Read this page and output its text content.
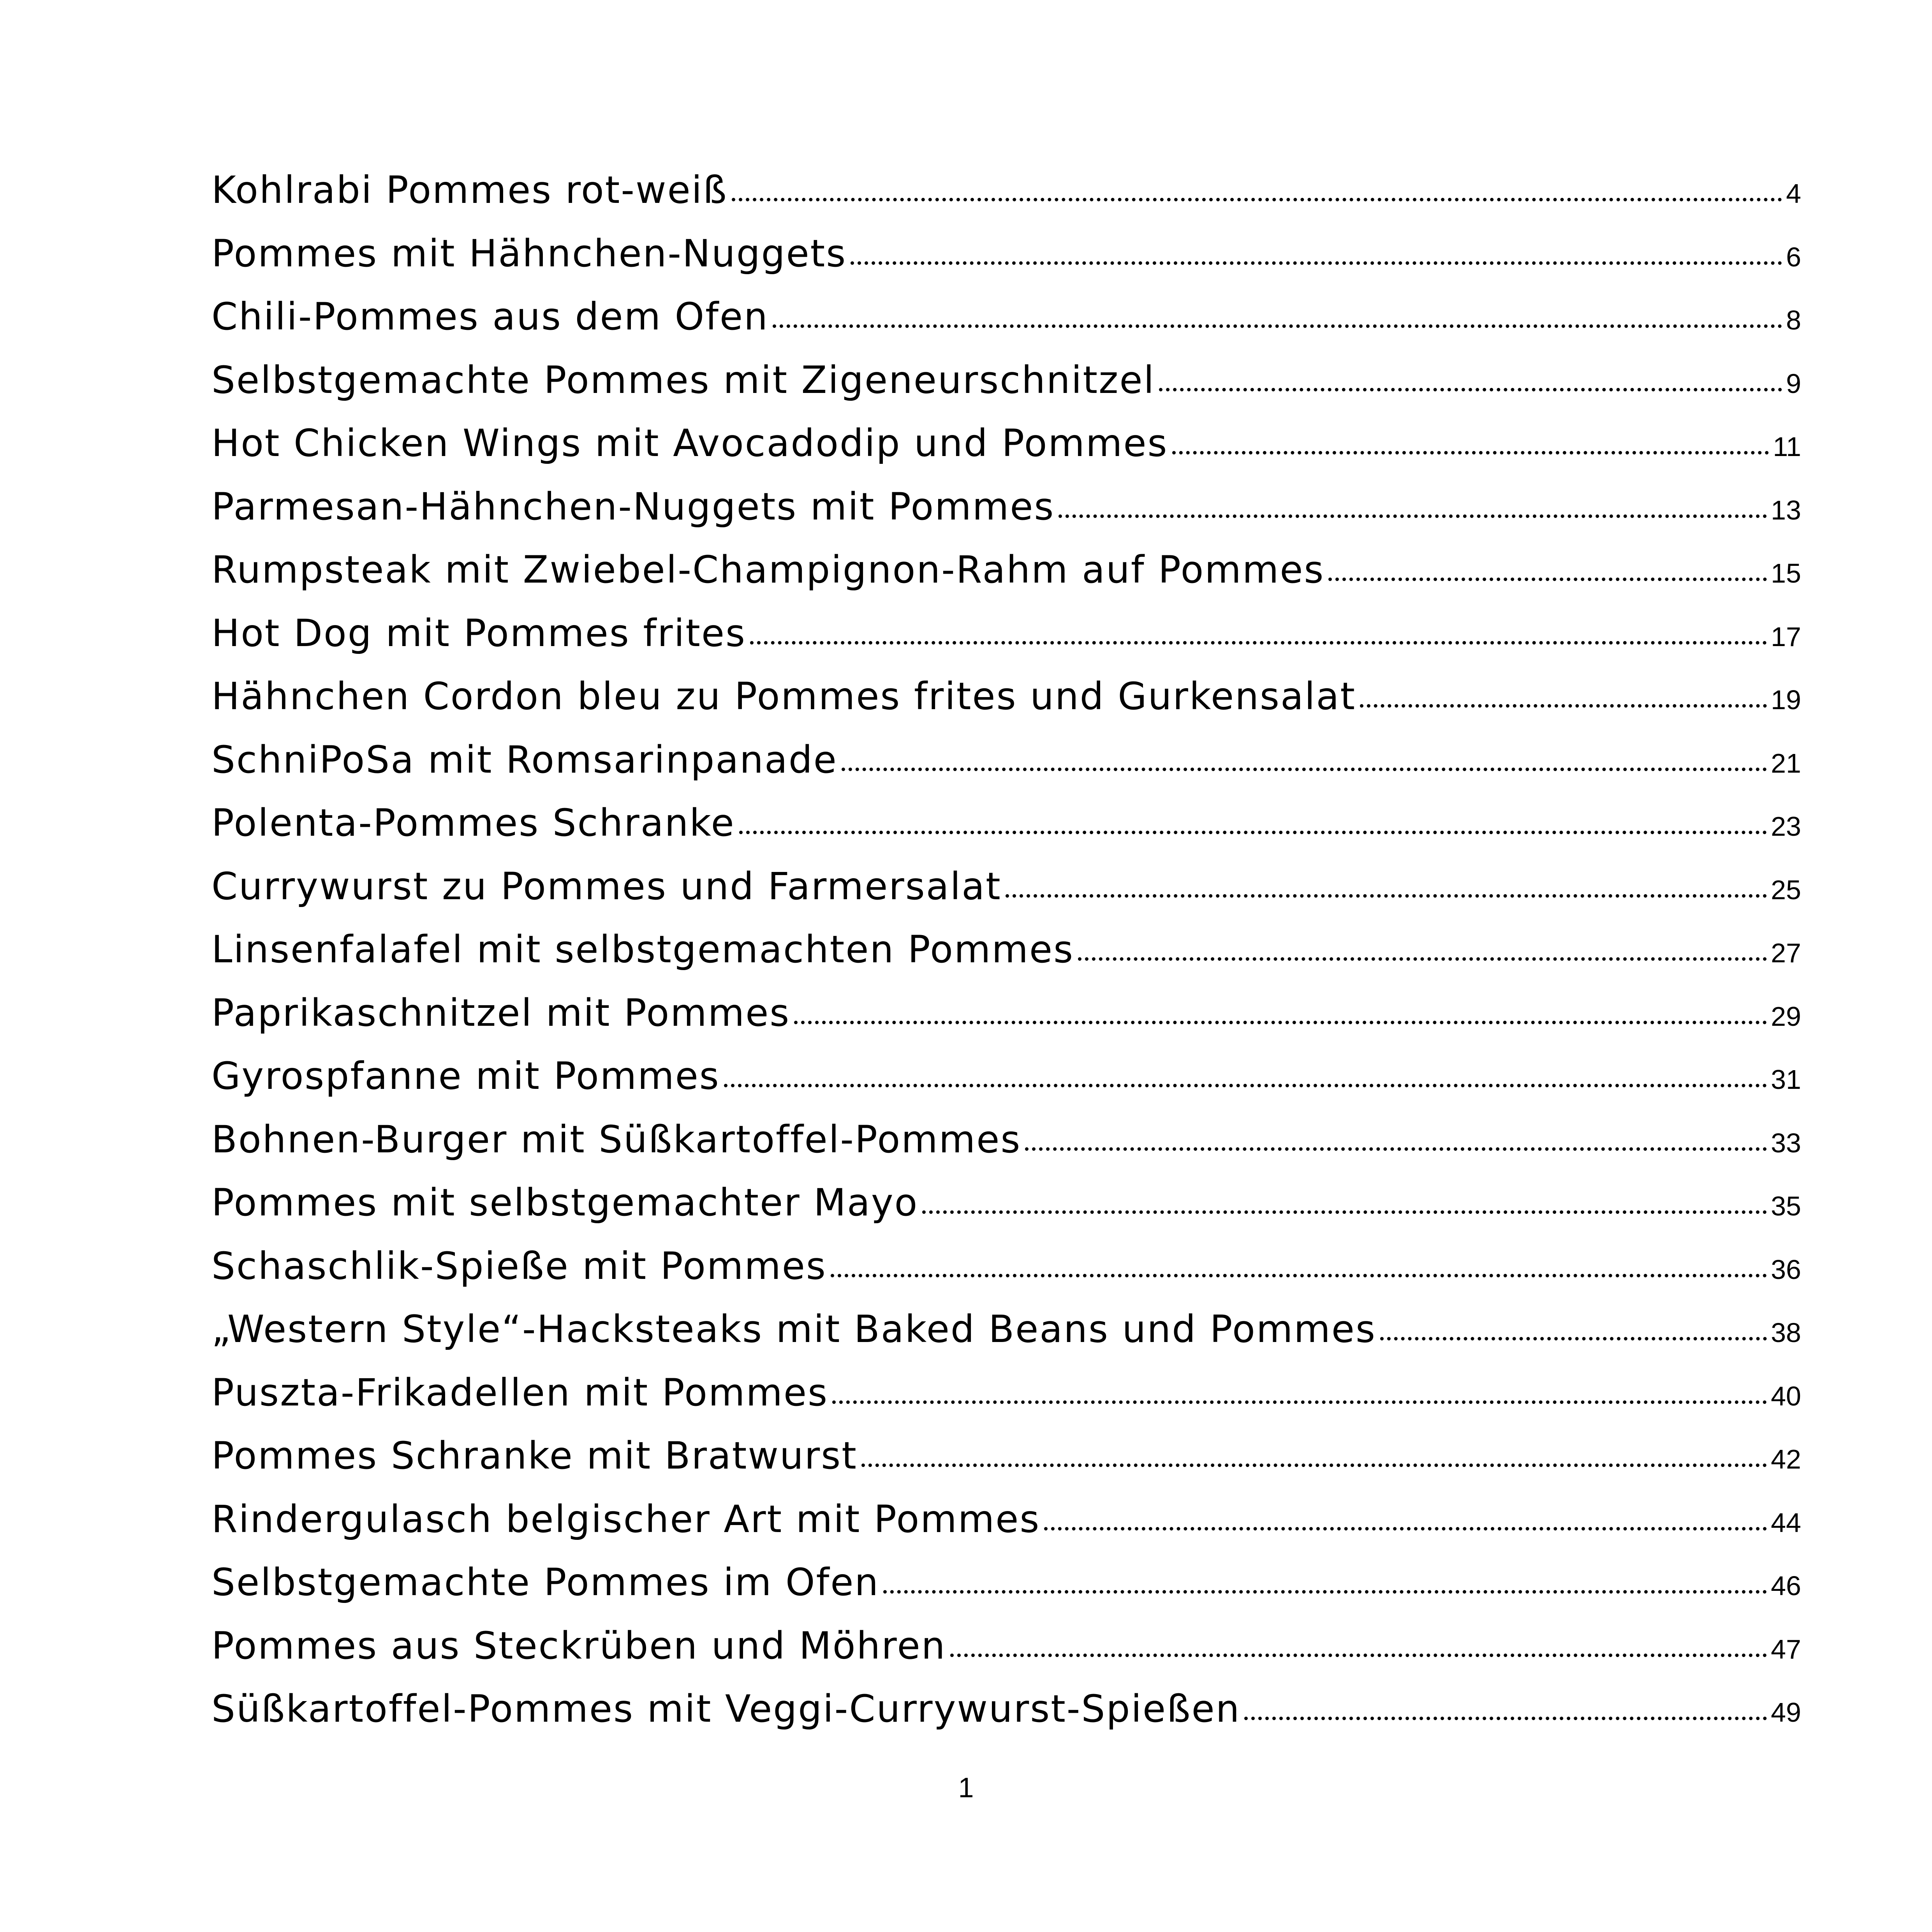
Kohlrabi Pommes rot-weiß	4
Pommes mit Hähnchen-Nuggets	6
Chili-Pommes aus dem Ofen	8
Selbstgemachte Pommes mit Zigeneurschnitzel	9
Hot Chicken Wings mit Avocadodip und Pommes	11
Parmesan-Hähnchen-Nuggets mit Pommes	13
Rumpsteak mit Zwiebel-Champignon-Rahm auf Pommes	15
Hot Dog mit Pommes frites	17
Hähnchen Cordon bleu zu Pommes frites und Gurkensalat	19
SchniPoSa mit Romsarinpanade	21
Polenta-Pommes Schranke	23
Currywurst zu Pommes und Farmersalat	25
Linsenfalafel mit selbstgemachten Pommes	27
Paprikaschnitzel mit Pommes	29
Gyrospfanne mit Pommes	31
Bohnen-Burger mit Süßkartoffel-Pommes	33
Pommes mit selbstgemachter Mayo	35
Schaschlik-Spieße mit Pommes	36
„Western Style“-Hacksteaks mit Baked Beans und Pommes	38
Puszta-Frikadellen mit Pommes	40
Pommes Schranke mit Bratwurst	42
Rindergulasch belgischer Art mit Pommes	44
Selbstgemachte Pommes im Ofen	46
Pommes aus Steckrüben und Möhren	47
Süßkartoffel-Pommes mit Veggi-Currywurst-Spießen	49
1
